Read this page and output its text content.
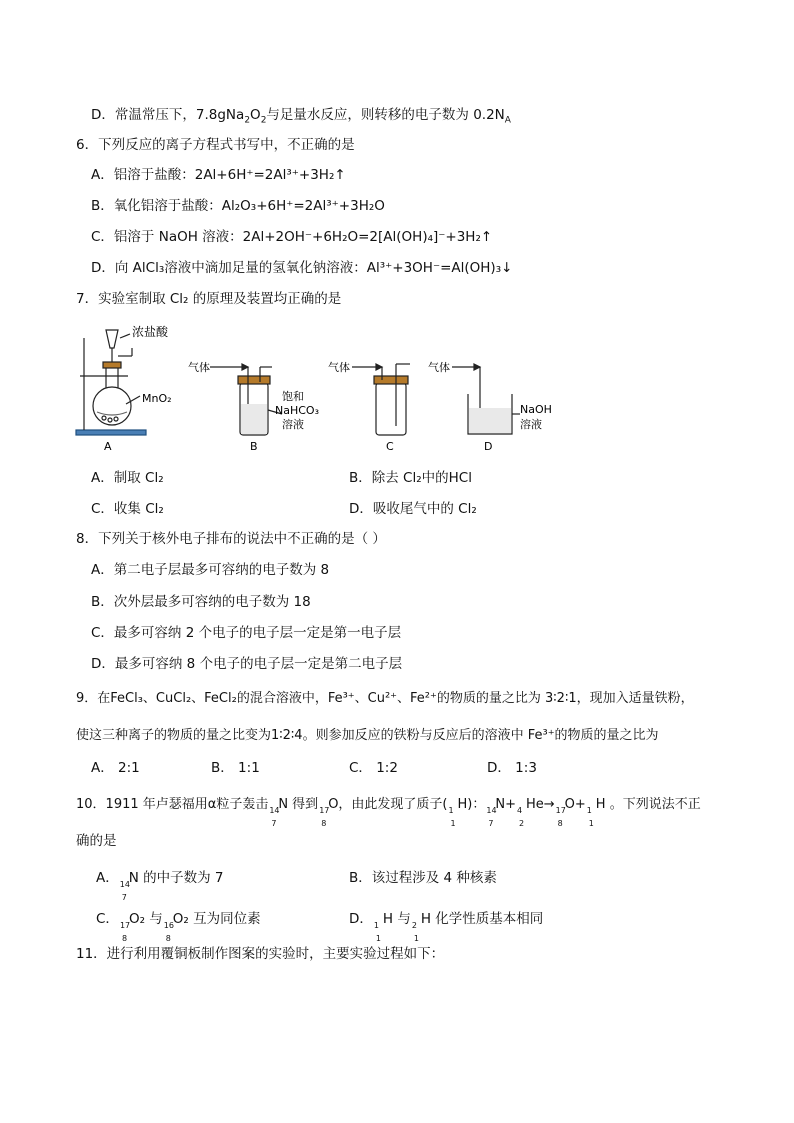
D．常温常压下，$7.8gNa_2O_2$与足量水反应，则转移的电子数为 $0.2N_A$
6．下列反应的离子方程式书写中，不正确的是
A．铝溶于盐酸：2Al+6H⁺=2Al³⁺+3H₂↑
B．氧化铝溶于盐酸：Al₂O₃+6H⁺=2Al³⁺+3H₂O
C．铝溶于 NaOH 溶液：2Al+2OH⁻+6H₂O=2[Al(OH)₄]⁻+3H₂↑
D．向 AlCl₃溶液中滴加足量的氢氧化钠溶液：Al³⁺+3OH⁻=Al(OH)₃↓
7．实验室制取 Cl₂ 的原理及装置均正确的是
浓盐酸
MnO₂
A
气体
饱和
NaHCO₃
溶液
B
气体
C
气体
NaOH
溶液
D
A．制取 Cl₂	B．除去 Cl₂中的HCl
C．收集 Cl₂	D．吸收尾气中的 Cl₂
8．下列关于核外电子排布的说法中不正确的是（ ）
A．第二电子层最多可容纳的电子数为 8
B．次外层最多可容纳的电子数为 18
C．最多可容纳 2 个电子的电子层一定是第一电子层
D．最多可容纳 8 个电子的电子层一定是第二电子层
9．在FeCl₃、CuCl₂、FeCl₂的混合溶液中，Fe³⁺、Cu²⁺、Fe²⁺的物质的量之比为 3∶2∶1，现加入适量铁粉，
使这三种离子的物质的量之比变为1∶2∶4。则参加反应的铁粉与反应后的溶液中 Fe³⁺的物质的量之比为
A． 2:1	B． 1:1	C． 1:2	D． 1:3
10．1911 年卢瑟福用α粒子轰击 14
7
N 得到 17
8
O，由此发现了质子( 1
1
H)： 14
7
N+ 4
2
He→ 17
8
O+ 1
1
H 。下列说法不正
确的是
A． 14
7
N 的中子数为 7	B．该过程涉及 4 种核素
C． 17
8
O₂ 与 16
8
O₂ 互为同位素	D． 1
1
H 与 2
1
H 化学性质基本相同
11．进行利用覆铜板制作图案的实验时，主要实验过程如下：
